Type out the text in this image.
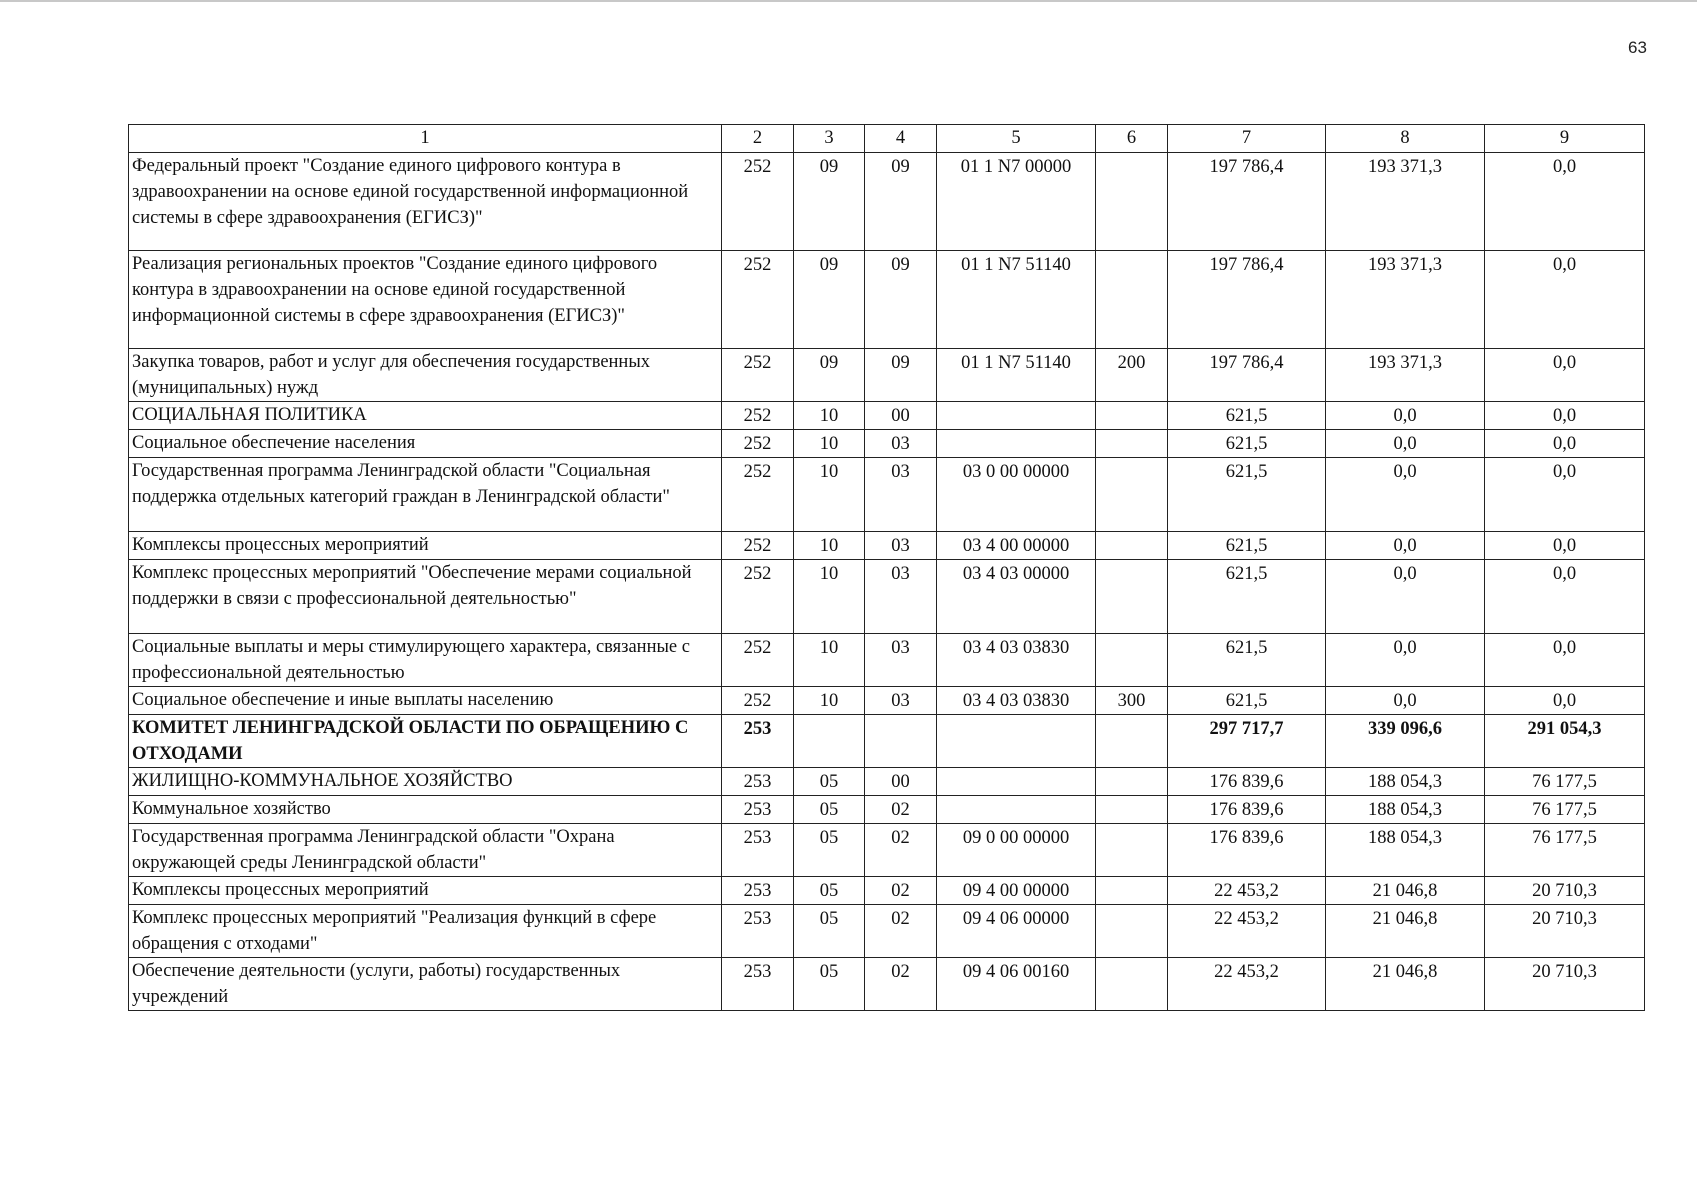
63
1	2	3	4	5	6	7	8	9
Федеральный проект "Создание единого цифрового контура в здравоохранении на основе единой государственной информационной системы в сфере здравоохранения (ЕГИСЗ)"	252	09	09	01 1 N7 00000		197 786,4	193 371,3	0,0
Реализация региональных проектов "Создание единого цифрового контура в здравоохранении на основе единой государственной информационной системы в сфере здравоохранения (ЕГИСЗ)"	252	09	09	01 1 N7 51140		197 786,4	193 371,3	0,0
Закупка товаров, работ и услуг для обеспечения государственных (муниципальных) нужд	252	09	09	01 1 N7 51140	200	197 786,4	193 371,3	0,0
СОЦИАЛЬНАЯ ПОЛИТИКА	252	10	00			621,5	0,0	0,0
Социальное обеспечение населения	252	10	03			621,5	0,0	0,0
Государственная программа Ленинградской области "Социальная поддержка отдельных категорий граждан в Ленинградской области"	252	10	03	03 0 00 00000		621,5	0,0	0,0
Комплексы процессных мероприятий	252	10	03	03 4 00 00000		621,5	0,0	0,0
Комплекс процессных мероприятий "Обеспечение мерами социальной поддержки в связи с профессиональной деятельностью"	252	10	03	03 4 03 00000		621,5	0,0	0,0
Социальные выплаты и меры стимулирующего характера, связанные с профессиональной деятельностью	252	10	03	03 4 03 03830		621,5	0,0	0,0
Социальное обеспечение и иные выплаты населению	252	10	03	03 4 03 03830	300	621,5	0,0	0,0
КОМИТЕТ ЛЕНИНГРАДСКОЙ ОБЛАСТИ ПО ОБРАЩЕНИЮ С ОТХОДАМИ	253					297 717,7	339 096,6	291 054,3
ЖИЛИЩНО-КОММУНАЛЬНОЕ ХОЗЯЙСТВО	253	05	00			176 839,6	188 054,3	76 177,5
Коммунальное хозяйство	253	05	02			176 839,6	188 054,3	76 177,5
Государственная программа Ленинградской области "Охрана окружающей среды Ленинградской области"	253	05	02	09 0 00 00000		176 839,6	188 054,3	76 177,5
Комплексы процессных мероприятий	253	05	02	09 4 00 00000		22 453,2	21 046,8	20 710,3
Комплекс процессных мероприятий "Реализация функций в сфере обращения с отходами"	253	05	02	09 4 06 00000		22 453,2	21 046,8	20 710,3
Обеспечение деятельности (услуги, работы) государственных учреждений	253	05	02	09 4 06 00160		22 453,2	21 046,8	20 710,3
